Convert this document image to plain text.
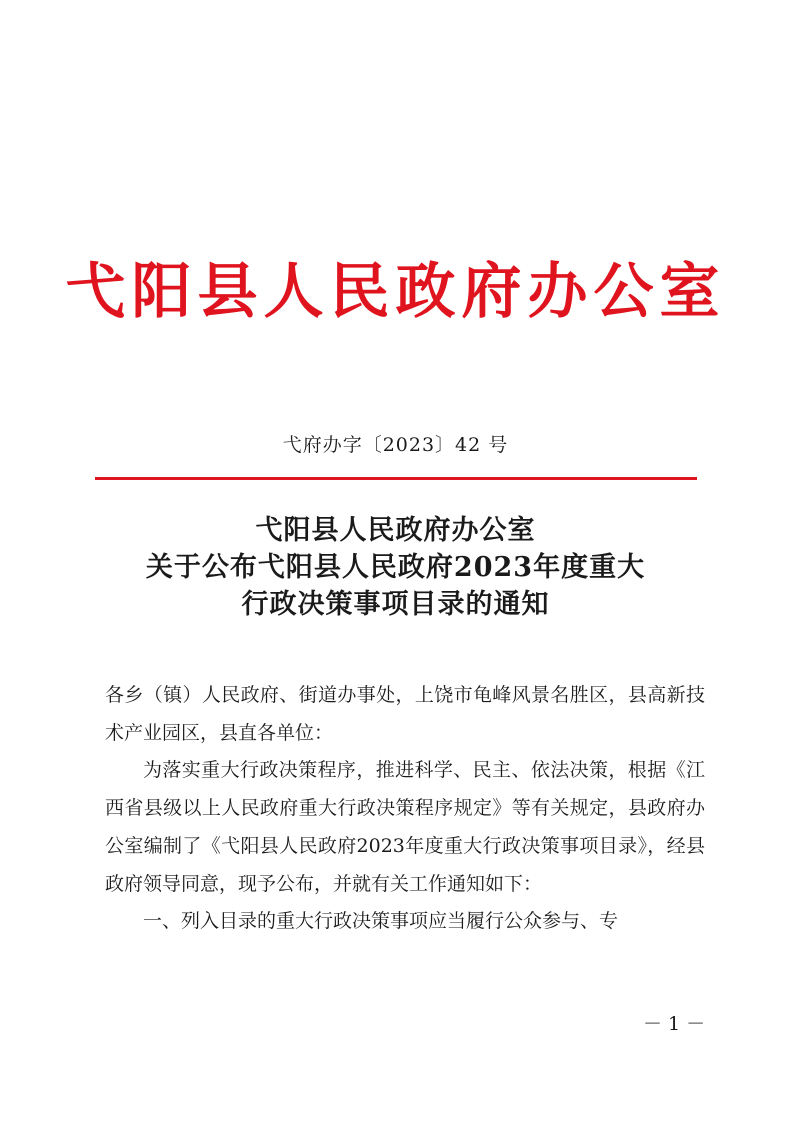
弋阳县人民政府办公室
弋府办字〔2023〕42 号
弋阳县人民政府办公室
关于公布弋阳县人民政府2023年度重大
行政决策事项目录的通知

各乡（镇）人民政府、街道办事处，上饶市龟峰风景名胜区，县高新技术产业园区，县直各单位：

为落实重大行政决策程序，推进科学、民主、依法决策，根据《江西省县级以上人民政府重大行政决策程序规定》等有关规定，县政府办公室编制了《弋阳县人民政府2023年度重大行政决策事项目录》，经县政府领导同意，现予公布，并就有关工作通知如下：

一、列入目录的重大行政决策事项应当履行公众参与、专

－ 1 －
